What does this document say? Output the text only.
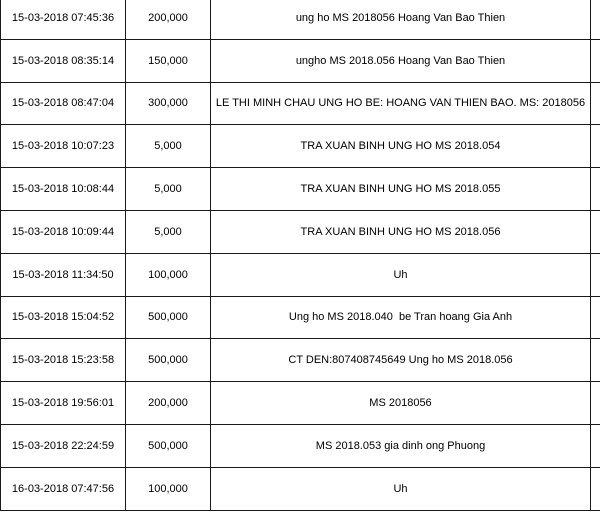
15-03-2018 07:45:36	200,000	ung ho MS 2018056 Hoang Van Bao Thien	
15-03-2018 08:35:14	150,000	ungho MS 2018.056 Hoang Van Bao Thien	
15-03-2018 08:47:04	300,000	LE THI MINH CHAU UNG HO BE: HOANG VAN THIEN BAO. MS: 2018056	
15-03-2018 10:07:23	5,000	TRA XUAN BINH UNG HO MS 2018.054	
15-03-2018 10:08:44	5,000	TRA XUAN BINH UNG HO MS 2018.055	
15-03-2018 10:09:44	5,000	TRA XUAN BINH UNG HO MS 2018.056	
15-03-2018 11:34:50	100,000	Uh	
15-03-2018 15:04:52	500,000	Ung ho MS 2018.040  be Tran hoang Gia Anh	
15-03-2018 15:23:58	500,000	CT DEN:807408745649 Ung ho MS 2018.056	
15-03-2018 19:56:01	200,000	MS 2018056	
15-03-2018 22:24:59	500,000	MS 2018.053 gia dinh ong Phuong	
16-03-2018 07:47:56	100,000	Uh	
